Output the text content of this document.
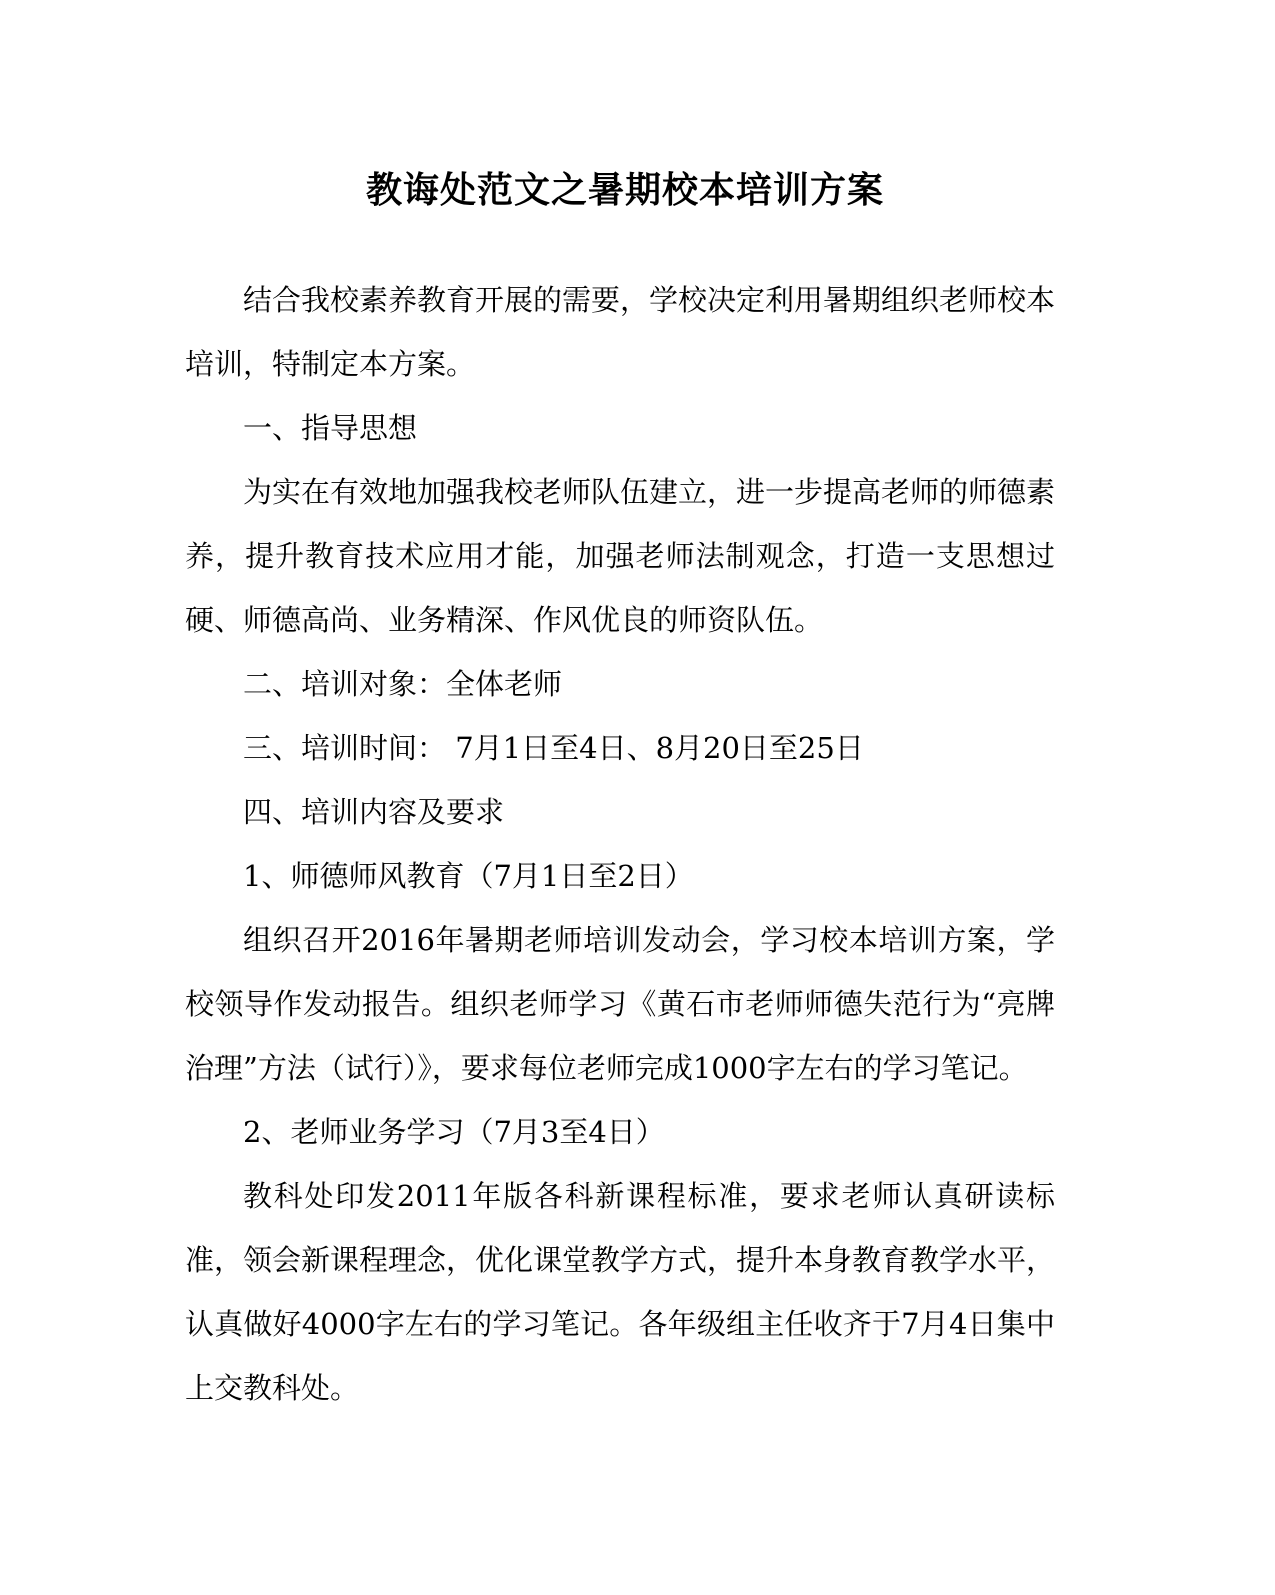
教诲处范文之暑期校本培训方案

结合我校素养教育开展的需要，学校决定利用暑期组织老师校本培训，特制定本方案。

一、指导思想

为实在有效地加强我校老师队伍建立，进一步提高老师的师德素养，提升教育技术应用才能，加强老师法制观念，打造一支思想过硬、师德高尚、业务精深、作风优良的师资队伍。

二、培训对象：全体老师

三、培训时间： 7月1日至4日、8月20日至25日

四、培训内容及要求

1、师德师风教育（7月1日至2日）

组织召开2016年暑期老师培训发动会，学习校本培训方案，学校领导作发动报告。组织老师学习《黄石市老师师德失范行为“亮牌治理”方法（试行）》，要求每位老师完成1000字左右的学习笔记。

2、老师业务学习（7月3至4日）

教科处印发2011年版各科新课程标准，要求老师认真研读标准，领会新课程理念，优化课堂教学方式，提升本身教育教学水平，认真做好4000字左右的学习笔记。各年级组主任收齐于7月4日集中上交教科处。
